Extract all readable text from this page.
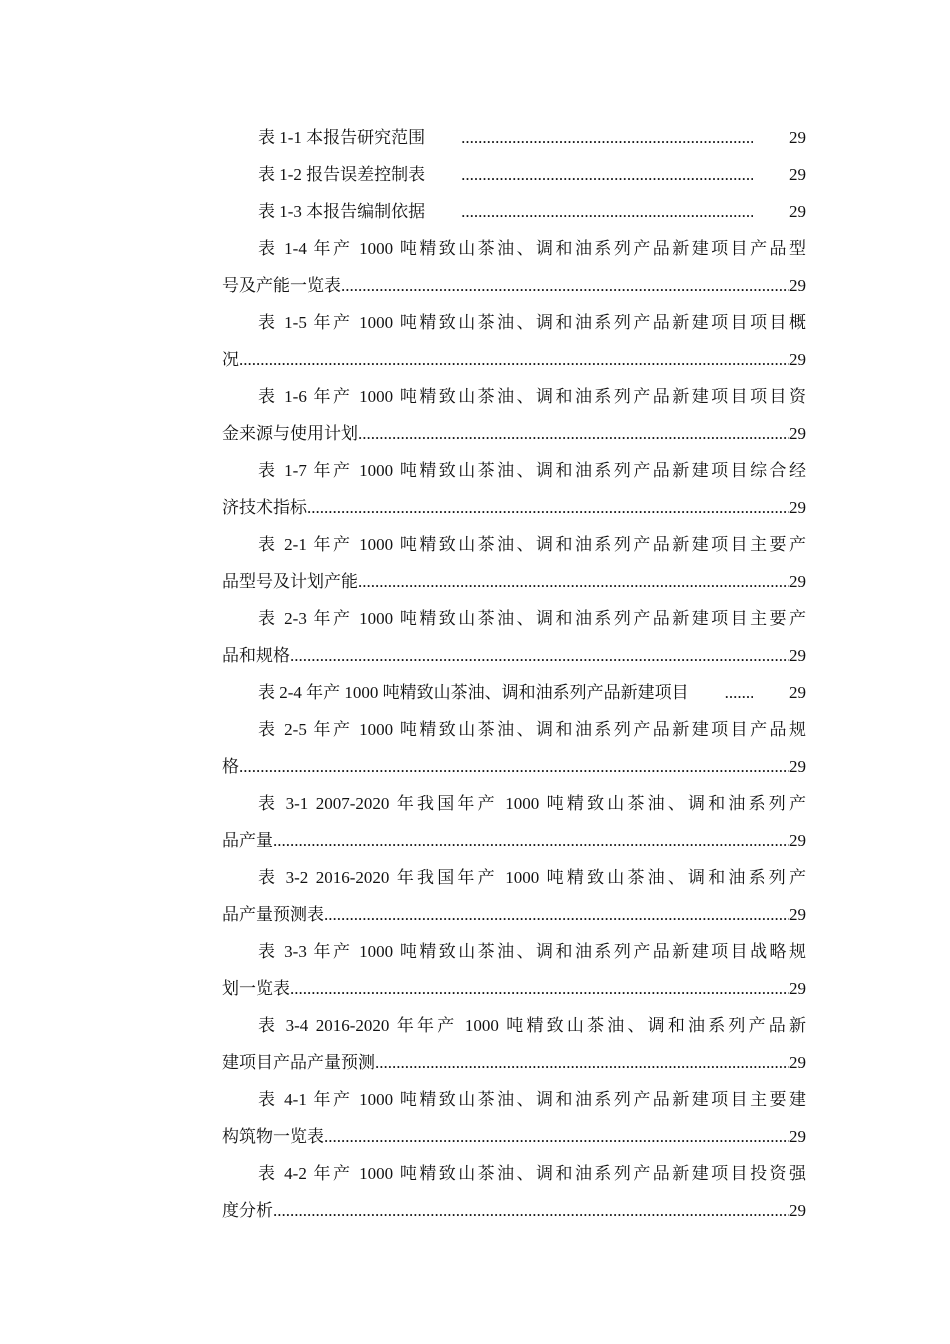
表 1-1 本报告研究范围 .....	29
表 1-2 报告误差控制表 .....	29
表 1-3 本报告编制依据 .....	29
表 1-4 年产 1000 吨精致山茶油、调和油系列产品新建项目产品型
号及产能一览表 .....	29
表 1-5 年产 1000 吨精致山茶油、调和油系列产品新建项目项目概
况 .....	29
表 1-6 年产 1000 吨精致山茶油、调和油系列产品新建项目项目资
金来源与使用计划 .....	29
表 1-7 年产 1000 吨精致山茶油、调和油系列产品新建项目综合经
济技术指标 .....	29
表 2-1 年产 1000 吨精致山茶油、调和油系列产品新建项目主要产
品型号及计划产能 .....	29
表 2-3 年产 1000 吨精致山茶油、调和油系列产品新建项目主要产
品和规格 .....	29
表 2-4 年产 1000 吨精致山茶油、调和油系列产品新建项目 .....	29
表 2-5 年产 1000 吨精致山茶油、调和油系列产品新建项目产品规
格 .....	29
表 3-1 2007-2020 年我国年产 1000 吨精致山茶油、调和油系列产
品产量 .....	29
表 3-2 2016-2020 年我国年产 1000 吨精致山茶油、调和油系列产
品产量预测表 .....	29
表 3-3 年产 1000 吨精致山茶油、调和油系列产品新建项目战略规
划一览表 .....	29
表 3-4 2016-2020 年年产 1000 吨精致山茶油、调和油系列产品新
建项目产品产量预测 .....	29
表 4-1 年产 1000 吨精致山茶油、调和油系列产品新建项目主要建
构筑物一览表 .....	29
表 4-2 年产 1000 吨精致山茶油、调和油系列产品新建项目投资强
度分析 .....	29
